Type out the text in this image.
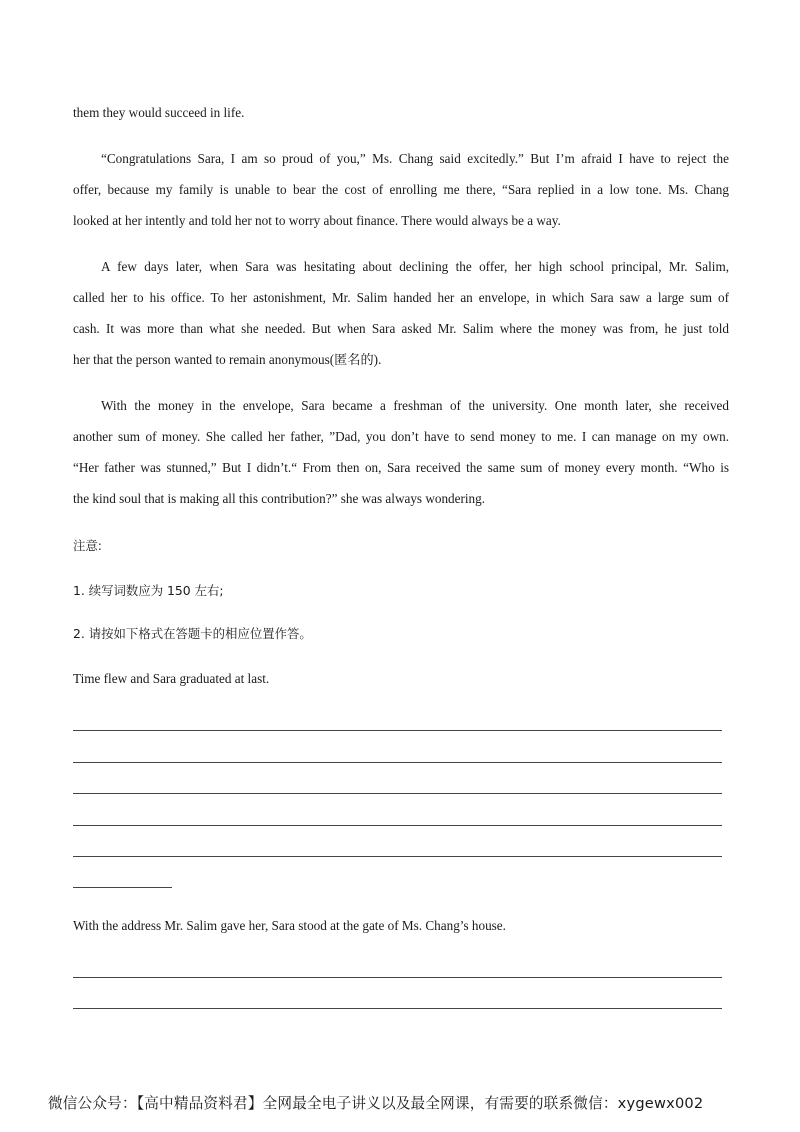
them they would succeed in life.
“Congratulations Sara, I am so proud of you,” Ms. Chang said excitedly.” But I’m afraid I have to reject the
offer, because my family is unable to bear the cost of enrolling me there, “Sara replied in a low tone. Ms. Chang
looked at her intently and told her not to worry about finance. There would always be a way.
A few days later, when Sara was hesitating about declining the offer, her high school principal, Mr. Salim,
called her to his office. To her astonishment, Mr. Salim handed her an envelope, in which Sara saw a large sum of
cash. It was more than what she needed. But when Sara asked Mr. Salim where the money was from, he just told
her that the person wanted to remain anonymous(匿名的).
With the money in the envelope, Sara became a freshman of the university. One month later, she received
another sum of money. She called her father, ”Dad, you don’t have to send money to me. I can manage on my own.
“Her father was stunned,” But I didn’t.“ From then on, Sara received the same sum of money every month. “Who is
the kind soul that is making all this contribution?” she was always wondering.
注意:
1. 续写词数应为 150 左右;
2. 请按如下格式在答题卡的相应位置作答。
Time flew and Sara graduated at last.
With the address Mr. Salim gave her, Sara stood at the gate of Ms. Chang’s house.
微信公众号：【高中精品资料君】全网最全电子讲义以及最全网课，有需要的联系微信：xygewx002
